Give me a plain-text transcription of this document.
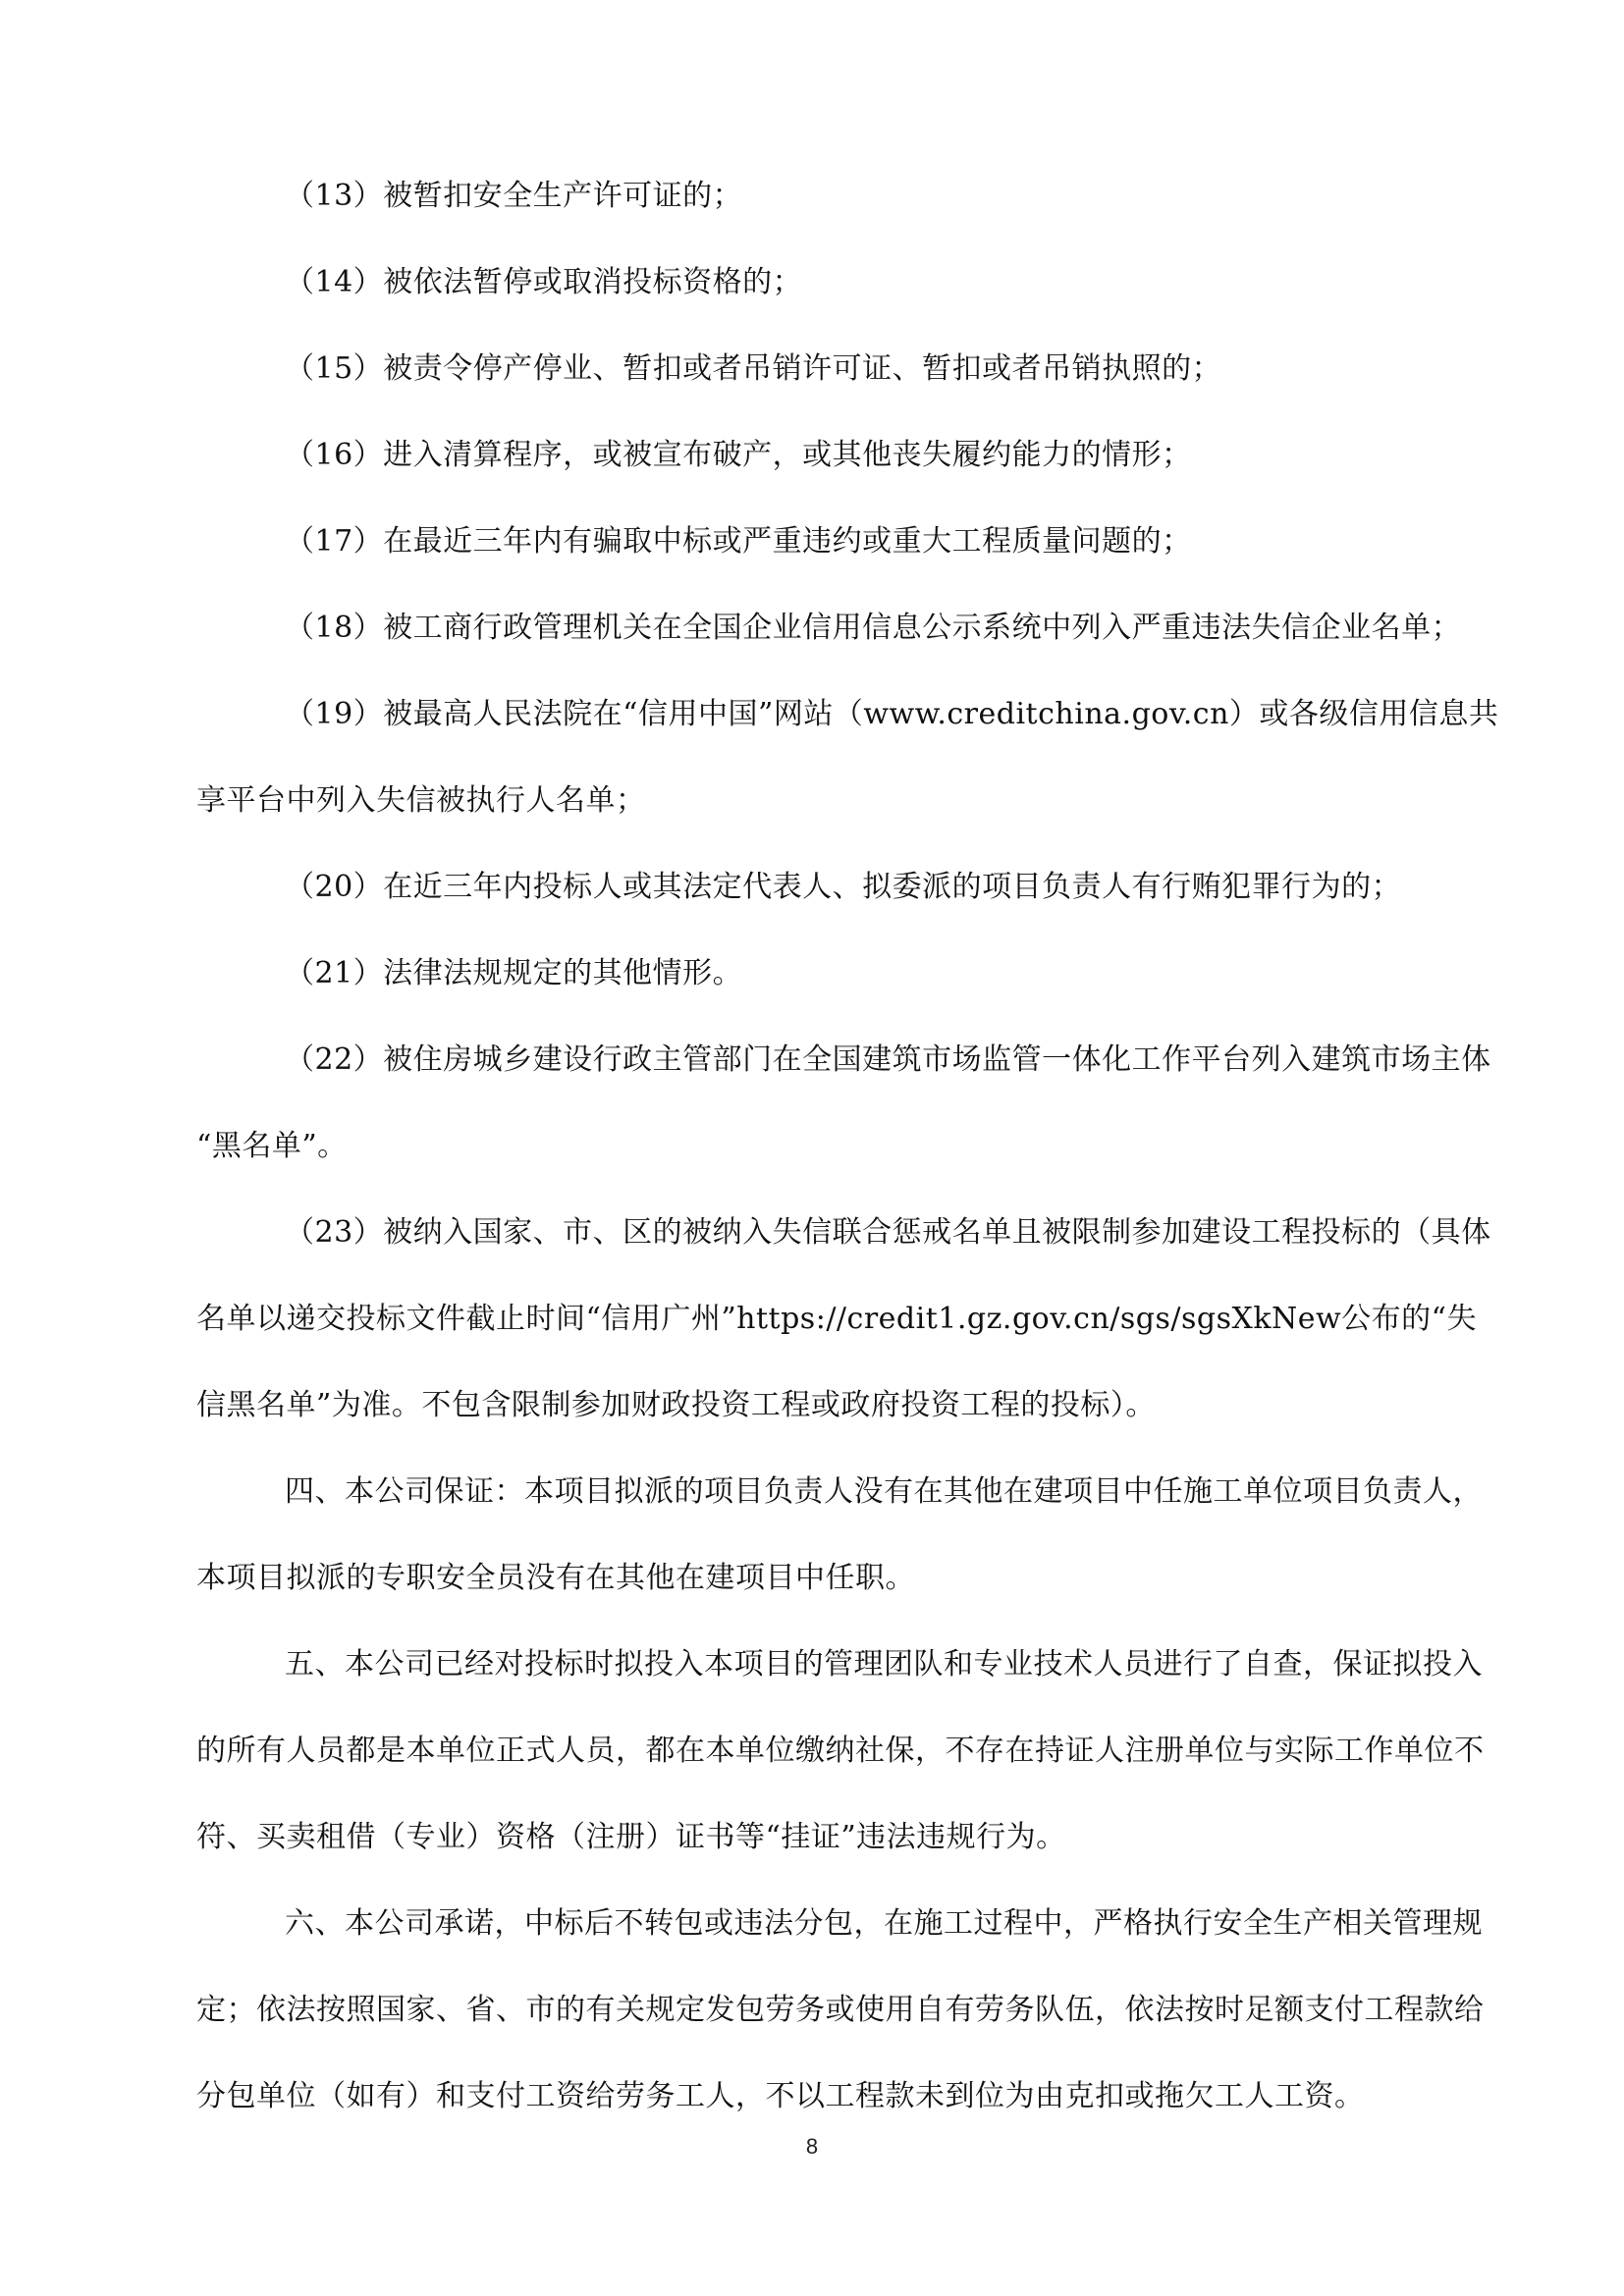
（13）被暂扣安全生产许可证的；
（14）被依法暂停或取消投标资格的；
（15）被责令停产停业、暂扣或者吊销许可证、暂扣或者吊销执照的；
（16）进入清算程序，或被宣布破产，或其他丧失履约能力的情形；
（17）在最近三年内有骗取中标或严重违约或重大工程质量问题的；
（18）被工商行政管理机关在全国企业信用信息公示系统中列入严重违法失信企业名单；
（19）被最高人民法院在“信用中国”网站（www.creditchina.gov.cn）或各级信用信息共
享平台中列入失信被执行人名单；
（20）在近三年内投标人或其法定代表人、拟委派的项目负责人有行贿犯罪行为的；
（21）法律法规规定的其他情形。
（22）被住房城乡建设行政主管部门在全国建筑市场监管一体化工作平台列入建筑市场主体
“黑名单”。
（23）被纳入国家、市、区的被纳入失信联合惩戒名单且被限制参加建设工程投标的（具体
名单以递交投标文件截止时间“信用广州”https://credit1.gz.gov.cn/sgs/sgsXkNew公布的“失
信黑名单”为准。不包含限制参加财政投资工程或政府投资工程的投标）。
四、本公司保证：本项目拟派的项目负责人没有在其他在建项目中任施工单位项目负责人，
本项目拟派的专职安全员没有在其他在建项目中任职。
五、本公司已经对投标时拟投入本项目的管理团队和专业技术人员进行了自查，保证拟投入
的所有人员都是本单位正式人员，都在本单位缴纳社保，不存在持证人注册单位与实际工作单位不
符、买卖租借（专业）资格（注册）证书等“挂证”违法违规行为。
六、本公司承诺，中标后不转包或违法分包，在施工过程中，严格执行安全生产相关管理规
定；依法按照国家、省、市的有关规定发包劳务或使用自有劳务队伍，依法按时足额支付工程款给
分包单位（如有）和支付工资给劳务工人，不以工程款未到位为由克扣或拖欠工人工资。
8
